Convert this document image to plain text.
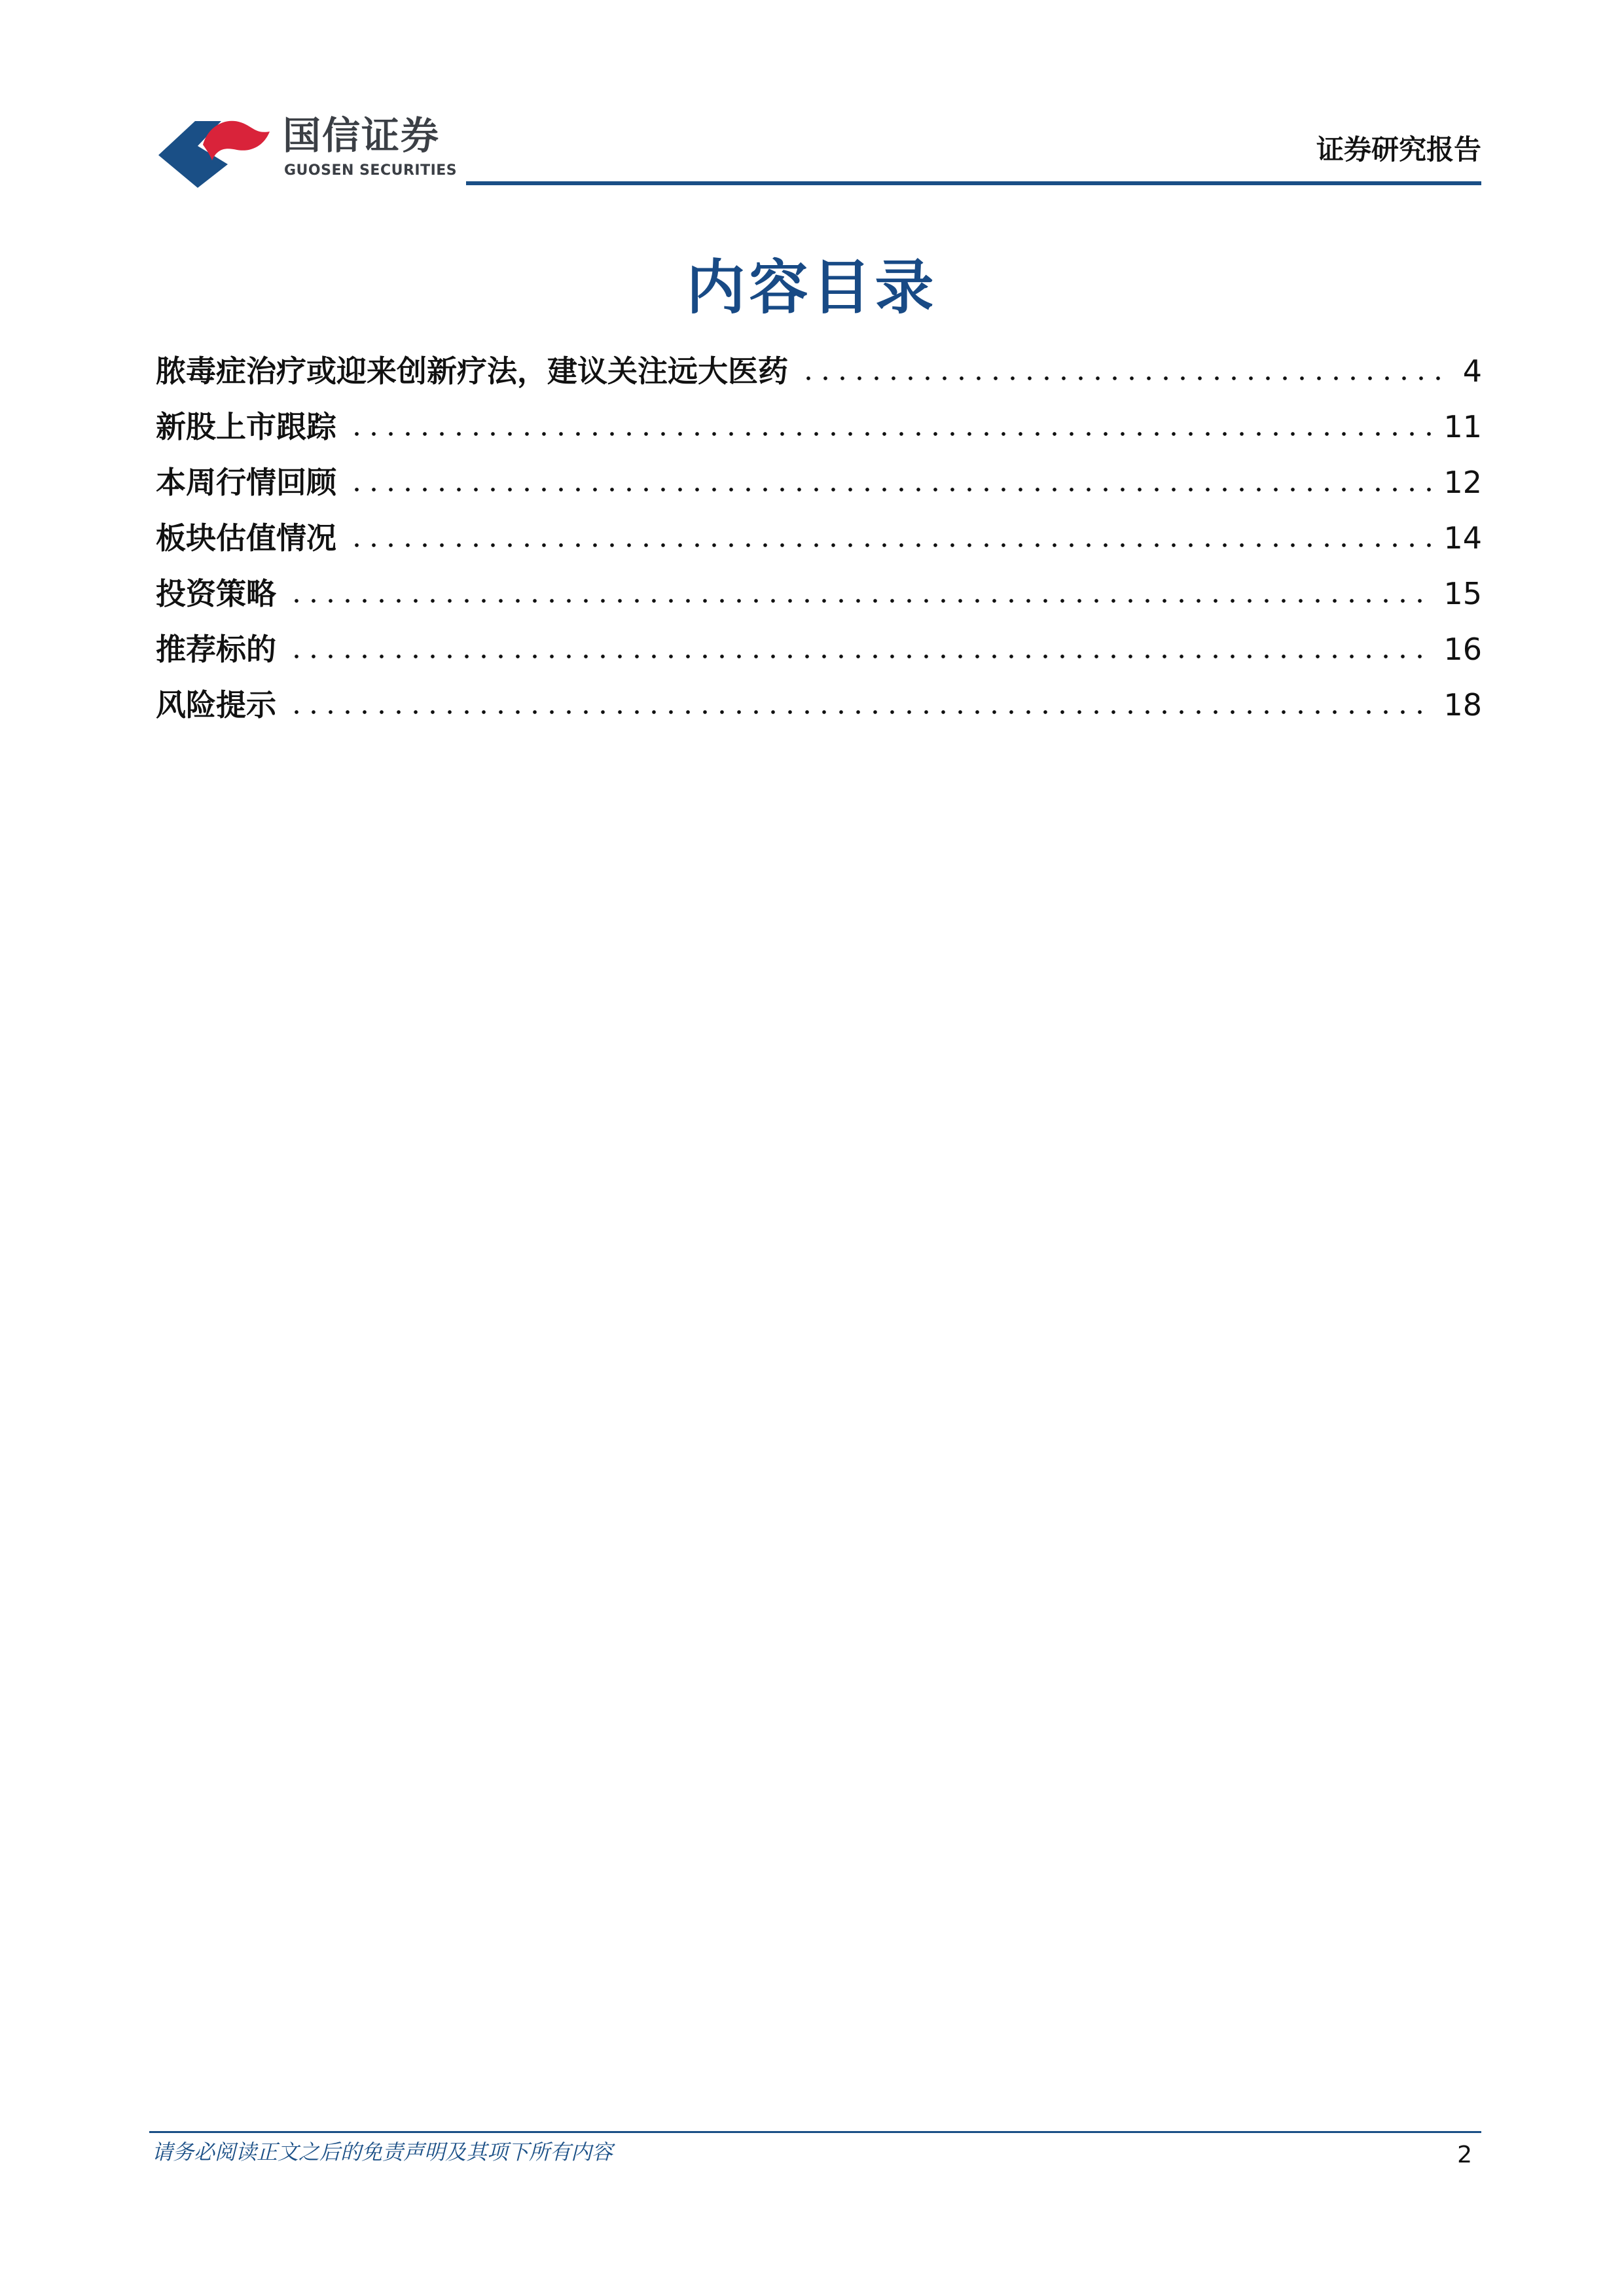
国信证券
GUOSEN SECURITIES
证券研究报告
内容目录
脓毒症治疗或迎来创新疗法，建议关注远大医药	4
新股上市跟踪	11
本周行情回顾	12
板块估值情况	14
投资策略	15
推荐标的	16
风险提示	18
请务必阅读正文之后的免责声明及其项下所有内容	2
